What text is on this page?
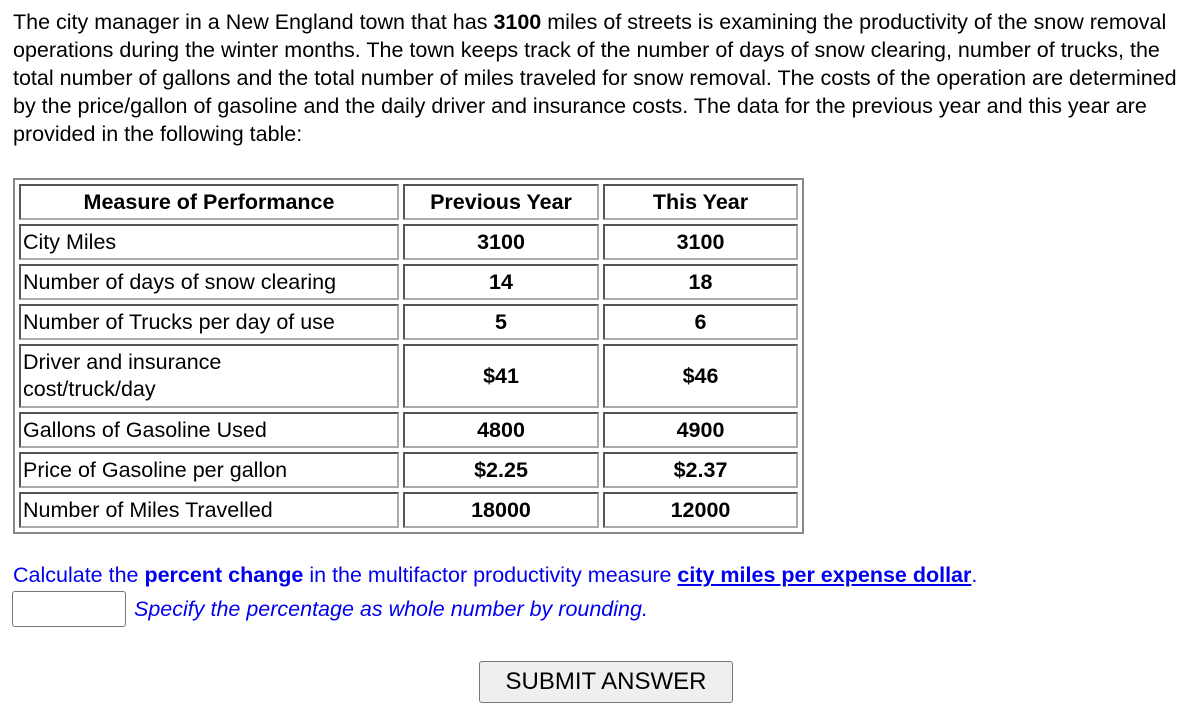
The city manager in a New England town that has 3100 miles of streets is examining the productivity of the snow removal operations during the winter months. The town keeps track of the number of days of snow clearing, number of trucks, the total number of gallons and the total number of miles traveled for snow removal. The costs of the operation are determined by the price/gallon of gasoline and the daily driver and insurance costs. The data for the previous year and this year are provided in the following table:

Measure of Performance	Previous Year	This Year
City Miles	3100	3100
Number of days of snow clearing	14	18
Number of Trucks per day of use	5	6
Driver and insurance cost/truck/day	$41	$46
Gallons of Gasoline Used	4800	4900
Price of Gasoline per gallon	$2.25	$2.37
Number of Miles Travelled	18000	12000
Calculate the percent change in the multifactor productivity measure city miles per expense dollar.
Specify the percentage as whole number by rounding.
SUBMIT ANSWER
